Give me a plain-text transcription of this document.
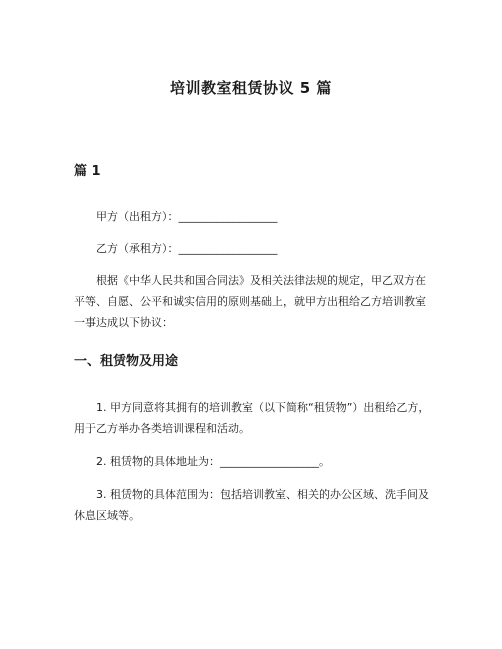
培训教室租赁协议 5 篇
篇 1

甲方（出租方）：__________________

乙方（承租方）：__________________

根据《中华人民共和国合同法》及相关法律法规的规定，甲乙双方在平等、自愿、公平和诚实信用的原则基础上，就甲方出租给乙方培训教室一事达成以下协议：

一、租赁物及用途

1. 甲方同意将其拥有的培训教室（以下简称“租赁物”）出租给乙方，用于乙方举办各类培训课程和活动。

2. 租赁物的具体地址为：__________________。

3. 租赁物的具体范围为：包括培训教室、相关的办公区域、洗手间及休息区域等。
